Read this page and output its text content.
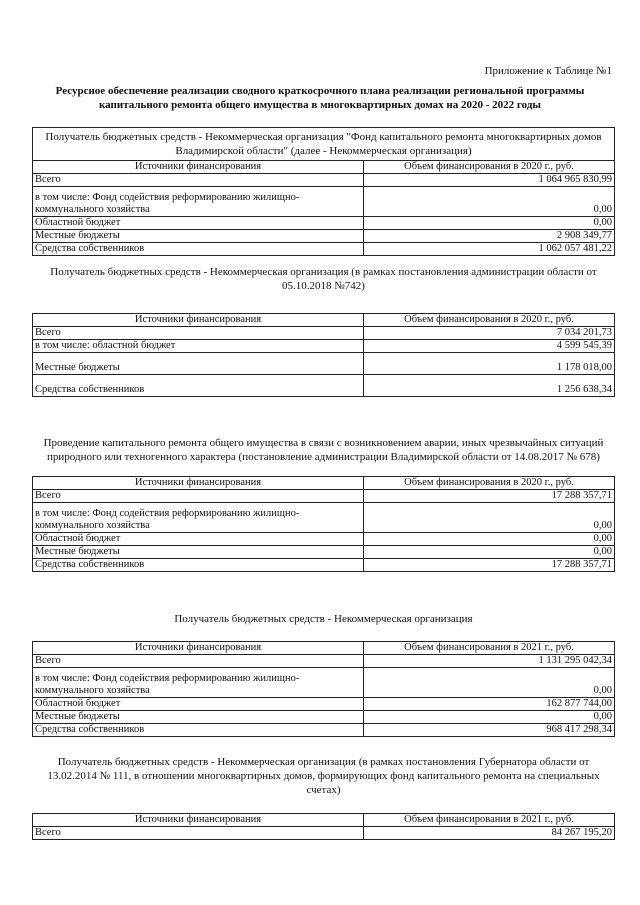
Приложение к Таблице №1
Ресурсное обеспечение реализации сводного краткосрочного плана реализации региональной программы капитального ремонта общего имущества в многоквартирных домах на 2020 - 2022 годы
Получатель бюджетных средств - Некоммерческая организация "Фонд капитального ремонта многоквартирных домов Владимирской области" (далее - Некоммерческая организация)
Источники финансирования	Объем финансирования в 2020 г., руб.
Всего	1 064 965 830,99
в том числе: Фонд содействия реформированию жилищно-коммунального хозяйства	0,00
Областной бюджет	0,00
Местные бюджеты	2 908 349,77
Средства собственников	1 062 057 481,22
Получатель бюджетных средств - Некоммерческая организация (в рамках постановления администрации области от 05.10.2018 №742)
Источники финансирования	Объем финансирования в 2020 г., руб.
Всего	7 034 201,73
в том числе: областной бюджет	4 599 545,39
Местные бюджеты	1 178 018,00
Средства собственников	1 256 638,34
Проведение капитального ремонта общего имущества в связи с возникновением аварии, иных чрезвычайных ситуаций природного или техногенного характера (постановление администрации Владимирской области от 14.08.2017 № 678)
Источники финансирования	Объем финансирования в 2020 г., руб.
Всего	17 288 357,71
в том числе: Фонд содействия реформированию жилищно-коммунального хозяйства	0,00
Областной бюджет	0,00
Местные бюджеты	0,00
Средства собственников	17 288 357,71
Получатель бюджетных средств - Некоммерческая организация
Источники финансирования	Объем финансирования в 2021 г., руб.
Всего	1 131 295 042,34
в том числе: Фонд содействия реформированию жилищно-коммунального хозяйства	0,00
Областной бюджет	162 877 744,00
Местные бюджеты	0,00
Средства собственников	968 417 298,34
Получатель бюджетных средств - Некоммерческая организация (в рамках постановления Губернатора области от 13.02.2014 № 111, в отношении многоквартирных домов, формирующих фонд капитального ремонта на специальных счетах)
Источники финансирования	Объем финансирования в 2021 г., руб.
Всего	84 267 195,20
